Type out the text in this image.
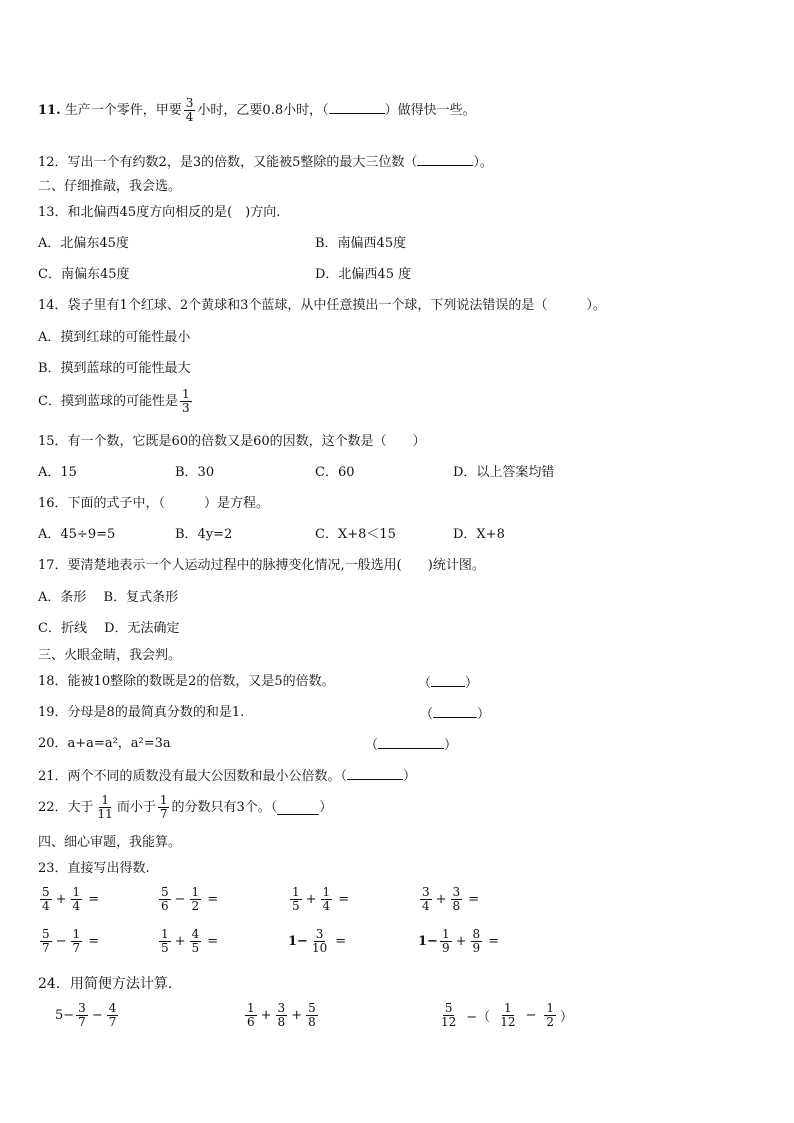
11. 生产一个零件，甲要 $\frac{3}{4}$ 小时，乙要0.8小时，（	）做得快一些。
12．写出一个有约数2，是3的倍数，又能被5整除的最大三位数（	）。
二、仔细推敲，我会选。
13．和北偏西45度方向相反的是(　)方向.
A．北偏东45度	B．南偏西45度
C．南偏东45度	D．北偏西45 度
14．袋子里有1个红球、2个黄球和3个蓝球，从中任意摸出一个球，下列说法错误的是（　　　）。
A．摸到红球的可能性最小
B．摸到蓝球的可能性最大
C．摸到蓝球的可能性是 $\frac{1}{3}$
15．有一个数，它既是60的倍数又是60的因数，这个数是（　　）
A．15	B．30	C．60	D．以上答案均错
16．下面的式子中，（　　　）是方程。
A．45÷9=5	B．4y=2	C．X+8＜15	D．X+8
17．要清楚地表示一个人运动过程中的脉搏变化情况,一般选用(　　)统计图。
A．条形　 B．复式条形
C．折线　 D．无法确定
三、火眼金睛，我会判。
18．能被10整除的数既是2的倍数，又是5的倍数。	（	）
19．分母是8的最简真分数的和是1.	（	）
20．a+a=a²，a²=3a	（	）
21．两个不同的质数没有最大公因数和最小公倍数。（	）
22．大于 $\frac{1}{11}$ 而小于 $\frac{1}{7}$ 的分数只有3个。（	）
四、细心审题，我能算。
23．直接写出得数.
$\frac{5}{4} + \frac{1}{4}$ =	$\frac{5}{6} - \frac{1}{2}$ =	$\frac{1}{5} + \frac{1}{4}$ =	$\frac{3}{4} + \frac{3}{8}$ =
$\frac{5}{7} - \frac{1}{7}$ =	$\frac{1}{5} + \frac{4}{5}$ =	$1- \frac{3}{10}$ =	$1- \frac{1}{9} + \frac{8}{9}$ =
24．用简便方法计算.
$5- \frac{3}{7} - \frac{4}{7}$	$\frac{1}{6} + \frac{3}{8} + \frac{5}{8}$	$\frac{5}{12}$ −（ $\frac{1}{12} - \frac{1}{2}$ ）
